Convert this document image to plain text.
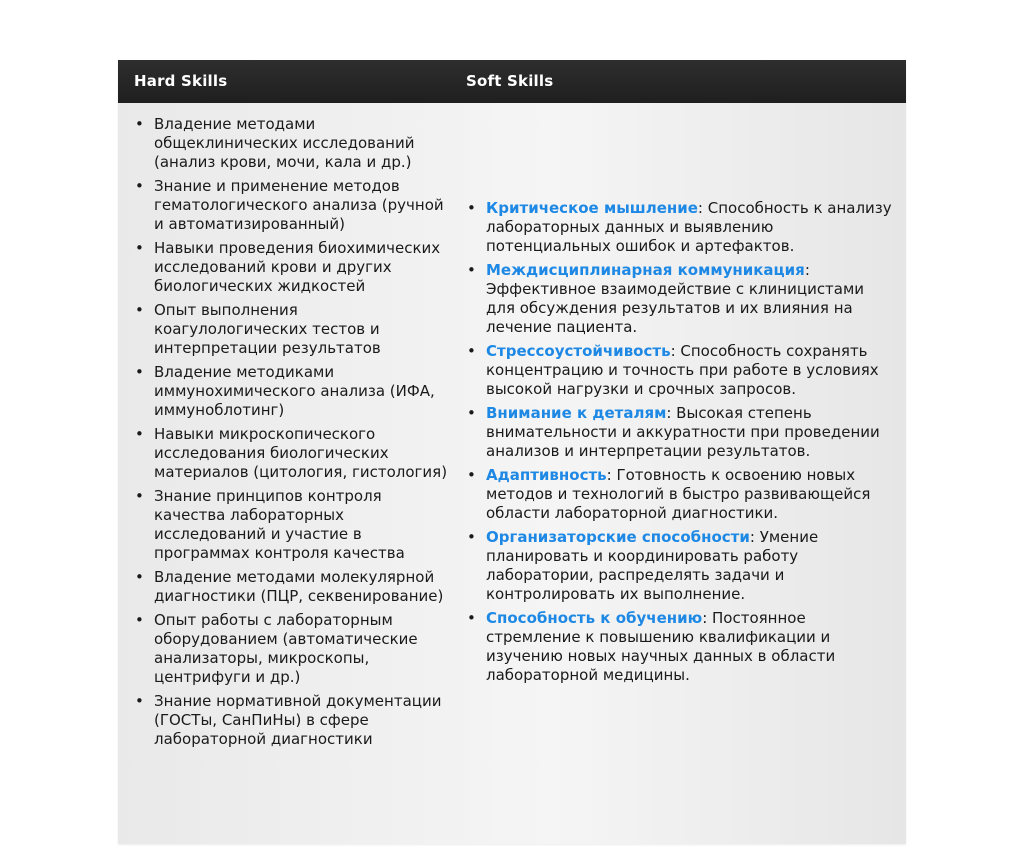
Hard Skills	Soft Skills
• Владение методами общеклинических исследований (анализ крови, мочи, кала и др.)
• Знание и применение методов гематологического анализа (ручной и автоматизированный)
• Навыки проведения биохимических исследований крови и других биологических жидкостей
• Опыт выполнения коагулологических тестов и интерпретации результатов
• Владение методиками иммунохимического анализа (ИФА, иммуноблотинг)
• Навыки микроскопического исследования биологических материалов (цитология, гистология)
• Знание принципов контроля качества лабораторных исследований и участие в программах контроля качества
• Владение методами молекулярной диагностики (ПЦР, секвенирование)
• Опыт работы с лабораторным оборудованием (автоматические анализаторы, микроскопы, центрифуги и др.)
• Знание нормативной документации (ГОСТы, СанПиНы) в сфере лабораторной диагностики
• Критическое мышление: Способность к анализу лабораторных данных и выявлению потенциальных ошибок и артефактов.
• Междисциплинарная коммуникация: Эффективное взаимодействие с клиницистами для обсуждения результатов и их влияния на лечение пациента.
• Стрессоустойчивость: Способность сохранять концентрацию и точность при работе в условиях высокой нагрузки и срочных запросов.
• Внимание к деталям: Высокая степень внимательности и аккуратности при проведении анализов и интерпретации результатов.
• Адаптивность: Готовность к освоению новых методов и технологий в быстро развивающейся области лабораторной диагностики.
• Организаторские способности: Умение планировать и координировать работу лаборатории, распределять задачи и контролировать их выполнение.
• Способность к обучению: Постоянное стремление к повышению квалификации и изучению новых научных данных в области лабораторной медицины.
